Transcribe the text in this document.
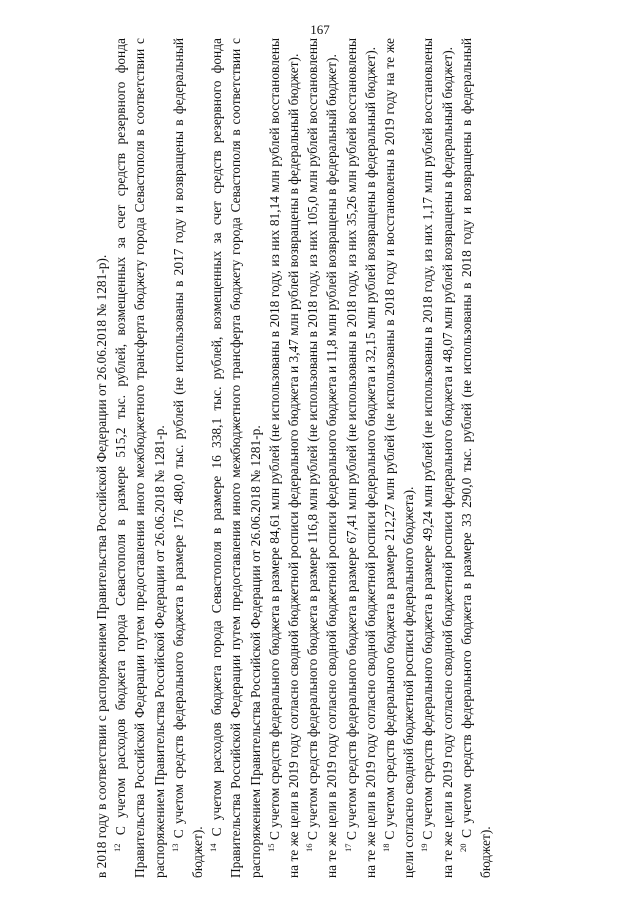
167

в 2018 году в соответствии с распоряжением Правительства Российской Федерации от 26.06.2018 № 1281-р). $^{12}$ С учетом расходов бюджета города Севастополя в размере 515,2 тыс. рублей, возмещенных за счет средств резервного фонда Правительства Российской Федерации путем предоставления иного межбюджетного трансферта бюджету города Севастополя в соответствии с распоряжением Правительства Российской Федерации от 26.06.2018 № 1281-р. $^{13}$ С учетом средств федерального бюджета в размере 176 480,0 тыс. рублей (не использованы в 2017 году и возвращены в федеральный бюджет). $^{14}$ С учетом расходов бюджета города Севастополя в размере 16 338,1 тыс. рублей, возмещенных за счет средств резервного фонда Правительства Российской Федерации путем предоставления иного межбюджетного трансферта бюджету города Севастополя в соответствии с распоряжением Правительства Российской Федерации от 26.06.2018 № 1281-р. $^{15}$ С учетом средств федерального бюджета в размере 84,61 млн рублей (не использованы в 2018 году, из них 81,14 млн рублей восстановлены на те же цели в 2019 году согласно сводной бюджетной росписи федерального бюджета и 3,47 млн рублей возвращены в федеральный бюджет). $^{16}$ С учетом средств федерального бюджета в размере 116,8 млн рублей (не использованы в 2018 году, из них 105,0 млн рублей восстановлены на те же цели в 2019 году согласно сводной бюджетной росписи федерального бюджета и 11,8 млн рублей возвращены в федеральный бюджет). $^{17}$ С учетом средств федерального бюджета в размере 67,41 млн рублей (не использованы в 2018 году, из них 35,26 млн рублей восстановлены на те же цели в 2019 году согласно сводной бюджетной росписи федерального бюджета и 32,15 млн рублей возвращены в федеральный бюджет). $^{18}$ С учетом средств федерального бюджета в размере 212,27 млн рублей (не использованы в 2018 году и восстановлены в 2019 году на те же цели согласно сводной бюджетной росписи федерального бюджета). $^{19}$ С учетом средств федерального бюджета в размере 49,24 млн рублей (не использованы в 2018 году, из них 1,17 млн рублей восстановлены на те же цели в 2019 году согласно сводной бюджетной росписи федерального бюджета и 48,07 млн рублей возвращены в федеральный бюджет). $^{20}$ С учетом средств федерального бюджета в размере 33 290,0 тыс. рублей (не использованы в 2018 году и возвращены в федеральный бюджет).
